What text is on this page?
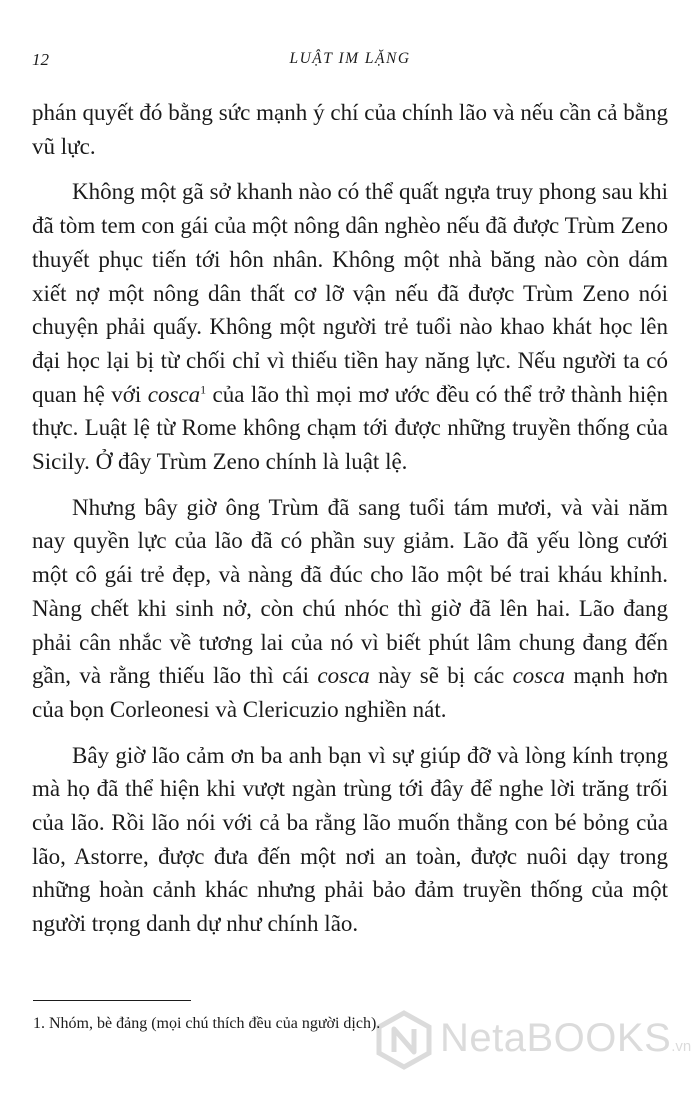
12	LUẬT IM LẶNG

phán quyết đó bằng sức mạnh ý chí của chính lão và nếu cần cả bằng vũ lực.

Không một gã sở khanh nào có thể quất ngựa truy phong sau khi đã tòm tem con gái của một nông dân nghèo nếu đã được Trùm Zeno thuyết phục tiến tới hôn nhân. Không một nhà băng nào còn dám xiết nợ một nông dân thất cơ lỡ vận nếu đã được Trùm Zeno nói chuyện phải quấy. Không một người trẻ tuổi nào khao khát học lên đại học lại bị từ chối chỉ vì thiếu tiền hay năng lực. Nếu người ta có quan hệ với cosca$^1$ của lão thì mọi mơ ước đều có thể trở thành hiện thực. Luật lệ từ Rome không chạm tới được những truyền thống của Sicily. Ở đây Trùm Zeno chính là luật lệ.

Nhưng bây giờ ông Trùm đã sang tuổi tám mươi, và vài năm nay quyền lực của lão đã có phần suy giảm. Lão đã yếu lòng cưới một cô gái trẻ đẹp, và nàng đã đúc cho lão một bé trai kháu khỉnh. Nàng chết khi sinh nở, còn chú nhóc thì giờ đã lên hai. Lão đang phải cân nhắc về tương lai của nó vì biết phút lâm chung đang đến gần, và rằng thiếu lão thì cái cosca này sẽ bị các cosca mạnh hơn của bọn Corleonesi và Clericuzio nghiền nát.

Bây giờ lão cảm ơn ba anh bạn vì sự giúp đỡ và lòng kính trọng mà họ đã thể hiện khi vượt ngàn trùng tới đây để nghe lời trăng trối của lão. Rồi lão nói với cả ba rằng lão muốn thằng con bé bỏng của lão, Astorre, được đưa đến một nơi an toàn, được nuôi dạy trong những hoàn cảnh khác nhưng phải bảo đảm truyền thống của một người trọng danh dự như chính lão.

1. Nhóm, bè đảng (mọi chú thích đều của người dịch).	NetaBOOKS.vn
